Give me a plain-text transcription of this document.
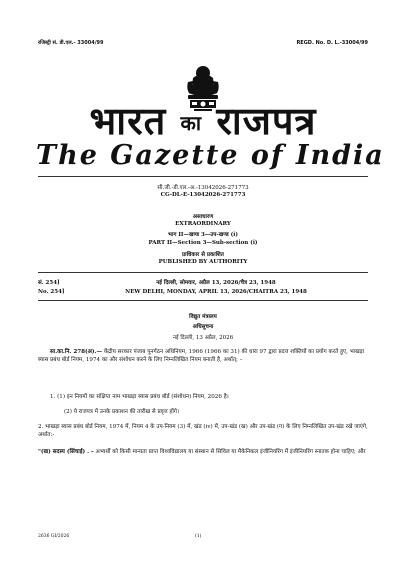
रजिस्ट्री सं. डी.एल.- 33004/99	REGD. No. D. L.-33004/99
भारत का राजपत्र
The Gazette of India
सी.जी.-डी.एल.-अ.-13042026-271773
CG-DL-E-13042026-271773
असाधारण
EXTRAORDINARY
भाग II—खण्ड 3—उप-खण्ड (i)
PART II—Section 3—Sub-section (i)
प्राधिकार से प्रकाशित
PUBLISHED BY AUTHORITY
सं. 254]	नई दिल्ली, सोमवार, अप्रैल 13, 2026/चैत्र 23, 1948
No. 254]	NEW DELHI, MONDAY, APRIL 13, 2026/CHAITRA 23, 1948
विद्युत मंत्रालय
अधिसूचना
नई दिल्ली, 13 अप्रैल, 2026
सा.का.नि. 278(अ).— केंद्रीय सरकार पंजाब पुनर्गठन अधिनियम, 1966 (1966 का 31) की धारा 97 द्वारा प्रदत्त शक्तियों का प्रयोग करते हुए, भाखड़ा ब्यास प्रबंध बोर्ड नियम, 1974 का और संशोधन करने के लिए निम्नलिखित नियम बनाती है, अर्थात्: –
1. (1) इन नियमों का संक्षिप्त नाम भाखड़ा ब्यास प्रबंध बोर्ड (संशोधन) नियम, 2026 है।
(2) ये राजपत्र में उनके प्रकाशन की तारीख से प्रवृत्त होंगे।
2. भाखड़ा ब्यास प्रबंध बोर्ड नियम, 1974 में, नियम 4 के उप-नियम (3) में, खंड (iv) में, उप-खंड (ख) और उप-खंड (ग) के लिए निम्नलिखित उप-खंड रखे जाएंगे, अर्थात:-
"(ख) सदस्य (सिंचाई) . – अभ्यर्थी को किसी मान्यता प्राप्त विश्वविद्यालय या संस्थान से सिविल या मैकेनिकल इंजीनियरिंग में इंजीनियरिंग स्नातक होना चाहिए; और
2636 GI/2026	(1)
